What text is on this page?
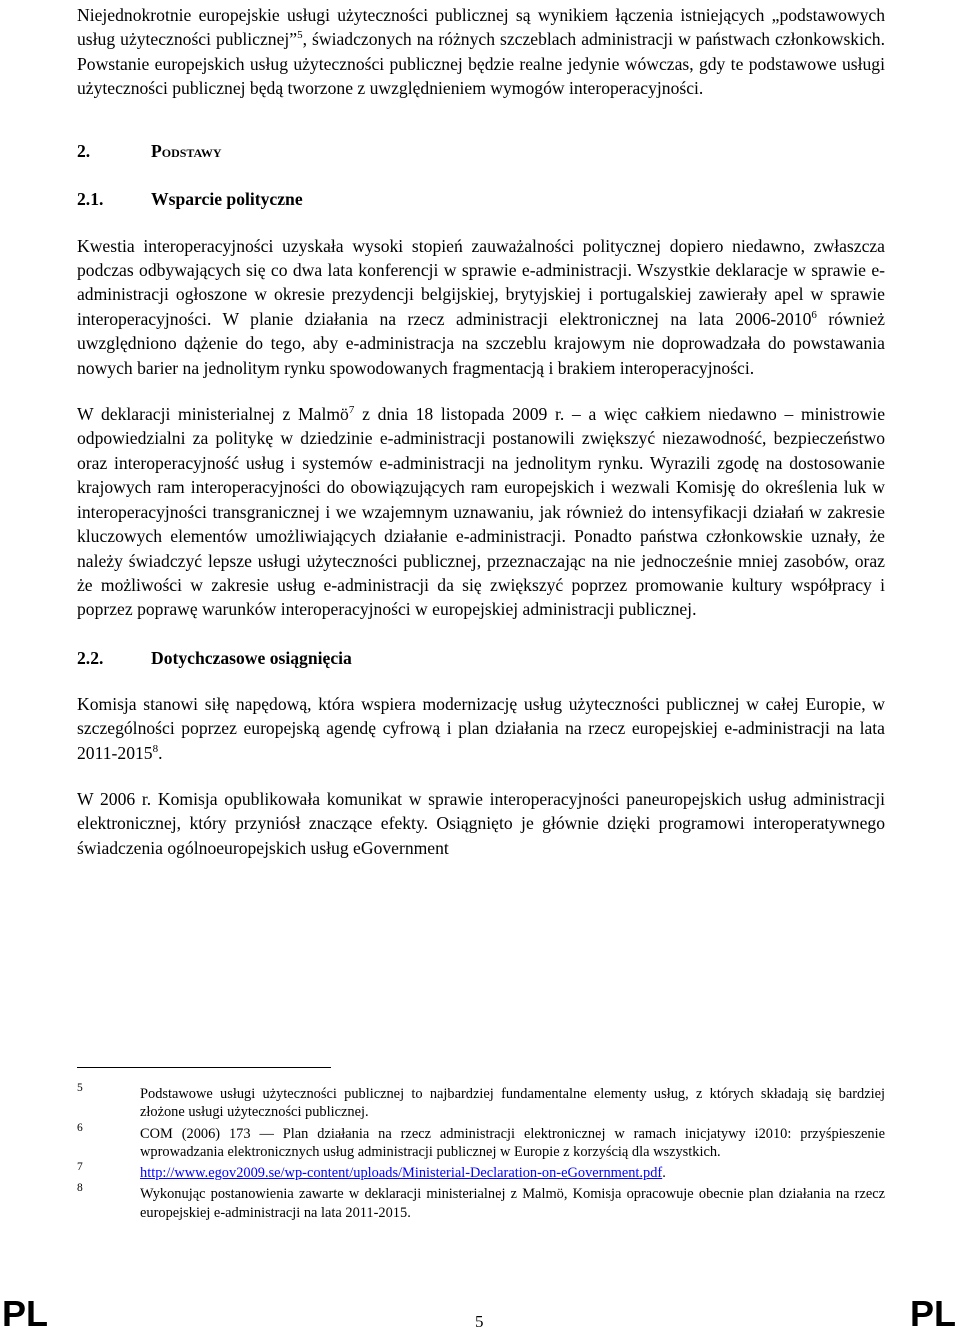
Niejednokrotnie europejskie usługi użyteczności publicznej są wynikiem łączenia istniejących „podstawowych usług użyteczności publicznej”$^5$, świadczonych na różnych szczeblach administracji w państwach członkowskich. Powstanie europejskich usług użyteczności publicznej będzie realne jedynie wówczas, gdy te podstawowe usługi użyteczności publicznej będą tworzone z uwzględnieniem wymogów interoperacyjności.

2.	Podstawy
2.1.	Wsparcie polityczne

Kwestia interoperacyjności uzyskała wysoki stopień zauważalności politycznej dopiero niedawno, zwłaszcza podczas odbywających się co dwa lata konferencji w sprawie e-administracji. Wszystkie deklaracje w sprawie e-administracji ogłoszone w okresie prezydencji belgijskiej, brytyjskiej i portugalskiej zawierały apel w sprawie interoperacyjności. W planie działania na rzecz administracji elektronicznej na lata 2006-2010$^6$ również uwzględniono dążenie do tego, aby e-administracja na szczeblu krajowym nie doprowadzała do powstawania nowych barier na jednolitym rynku spowodowanych fragmentacją i brakiem interoperacyjności.

W deklaracji ministerialnej z Malmö$^7$ z dnia 18 listopada 2009 r. – a więc całkiem niedawno – ministrowie odpowiedzialni za politykę w dziedzinie e-administracji postanowili zwiększyć niezawodność, bezpieczeństwo oraz interoperacyjność usług i systemów e-administracji na jednolitym rynku. Wyrazili zgodę na dostosowanie krajowych ram interoperacyjności do obowiązujących ram europejskich i wezwali Komisję do określenia luk w interoperacyjności transgranicznej i we wzajemnym uznawaniu, jak również do intensyfikacji działań w zakresie kluczowych elementów umożliwiających działanie e-administracji. Ponadto państwa członkowskie uznały, że należy świadczyć lepsze usługi użyteczności publicznej, przeznaczając na nie jednocześnie mniej zasobów, oraz że możliwości w zakresie usług e-administracji da się zwiększyć poprzez promowanie kultury współpracy i poprzez poprawę warunków interoperacyjności w europejskiej administracji publicznej.

2.2.	Dotychczasowe osiągnięcia

Komisja stanowi siłę napędową, która wspiera modernizację usług użyteczności publicznej w całej Europie, w szczególności poprzez europejską agendę cyfrową i plan działania na rzecz europejskiej e-administracji na lata 2011-2015$^8$.

W 2006 r. Komisja opublikowała komunikat w sprawie interoperacyjności paneuropejskich usług administracji elektronicznej, który przyniósł znaczące efekty. Osiągnięto je głównie dzięki programowi interoperatywnego świadczenia ogólnoeuropejskich usług eGovernment

5	Podstawowe usługi użyteczności publicznej to najbardziej fundamentalne elementy usług, z których składają się bardziej złożone usługi użyteczności publicznej.
6	COM (2006) 173 — Plan działania na rzecz administracji elektronicznej w ramach inicjatywy i2010: przyśpieszenie wprowadzania elektronicznych usług administracji publicznej w Europie z korzyścią dla wszystkich.
7	http://www.egov2009.se/wp-content/uploads/Ministerial-Declaration-on-eGovernment.pdf.
8	Wykonując postanowienia zawarte w deklaracji ministerialnej z Malmö, Komisja opracowuje obecnie plan działania na rzecz europejskiej e-administracji na lata 2011-2015.
PL	5	PL
